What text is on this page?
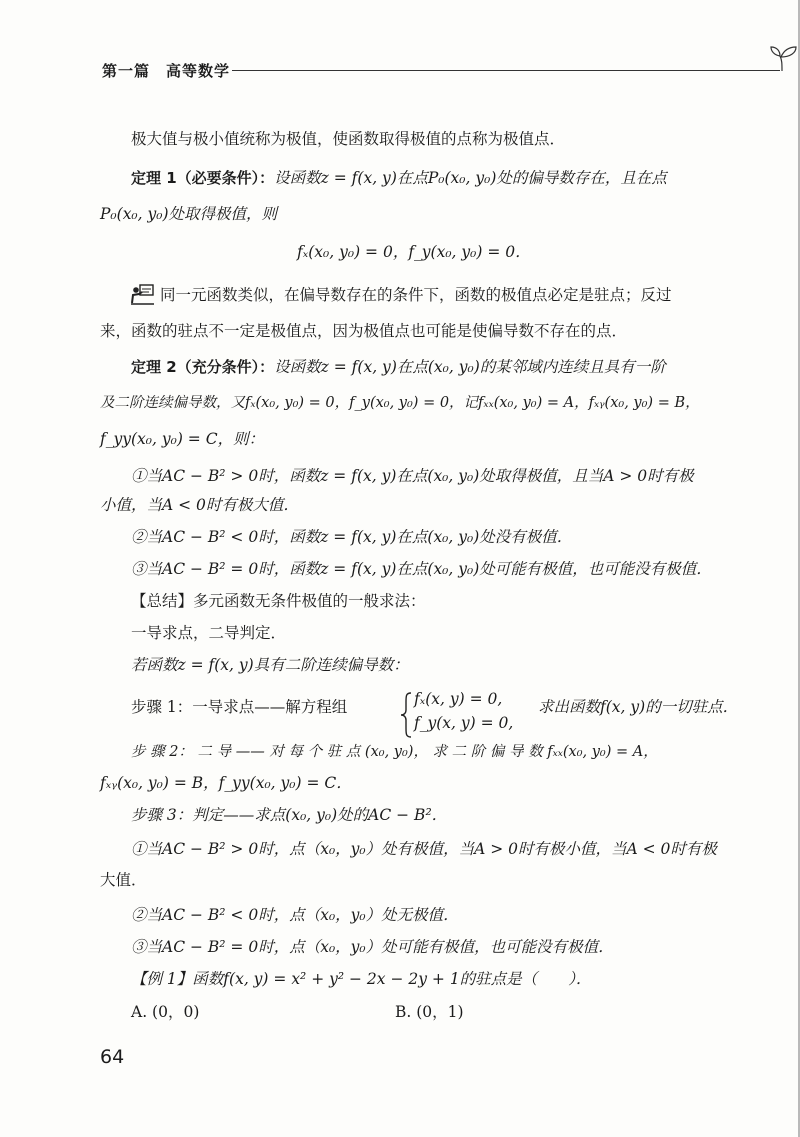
第一篇　高等数学
极大值与极小值统称为极值，使函数取得极值的点称为极值点．
定理 1（必要条件）：设函数z = f(x, y)在点P₀(x₀, y₀)处的偏导数存在，且在点
P₀(x₀, y₀)处取得极值，则
fₓ(x₀, y₀) = 0，f_y(x₀, y₀) = 0．
同一元函数类似，在偏导数存在的条件下，函数的极值点必定是驻点；反过
来，函数的驻点不一定是极值点，因为极值点也可能是使偏导数不存在的点．
定理 2（充分条件）：设函数z = f(x, y)在点(x₀, y₀)的某邻域内连续且具有一阶
及二阶连续偏导数，又fₓ(x₀, y₀) = 0，f_y(x₀, y₀) = 0，记fₓₓ(x₀, y₀) = A，fₓᵧ(x₀, y₀) = B，
f_yy(x₀, y₀) = C，则：
①当AC − B² > 0时，函数z = f(x, y)在点(x₀, y₀)处取得极值，且当A > 0时有极
小值，当A < 0时有极大值．
②当AC − B² < 0时，函数z = f(x, y)在点(x₀, y₀)处没有极值．
③当AC − B² = 0时，函数z = f(x, y)在点(x₀, y₀)处可能有极值，也可能没有极值．
【总结】多元函数无条件极值的一般求法：
一导求点，二导判定．
若函数z = f(x, y)具有二阶连续偏导数：
步骤 1：一导求点——解方程组	fₓ(x, y) = 0,
f_y(x, y) = 0,
求出函数f(x, y)的一切驻点．
步 骤 2： 二 导 —— 对 每 个 驻 点 (x₀, y₀)， 求 二 阶 偏 导 数 fₓₓ(x₀, y₀) = A，
fₓᵧ(x₀, y₀) = B，f_yy(x₀, y₀) = C．
步骤 3：判定——求点(x₀, y₀)处的AC − B²．
①当AC − B² > 0时，点（x₀，y₀）处有极值，当A > 0时有极小值，当A < 0时有极
大值．
②当AC − B² < 0时，点（x₀，y₀）处无极值．
③当AC − B² = 0时，点（x₀，y₀）处可能有极值，也可能没有极值．
【例 1】函数f(x, y) = x² + y² − 2x − 2y + 1的驻点是（　　）．
A. (0，0)	B. (0，1)
64
